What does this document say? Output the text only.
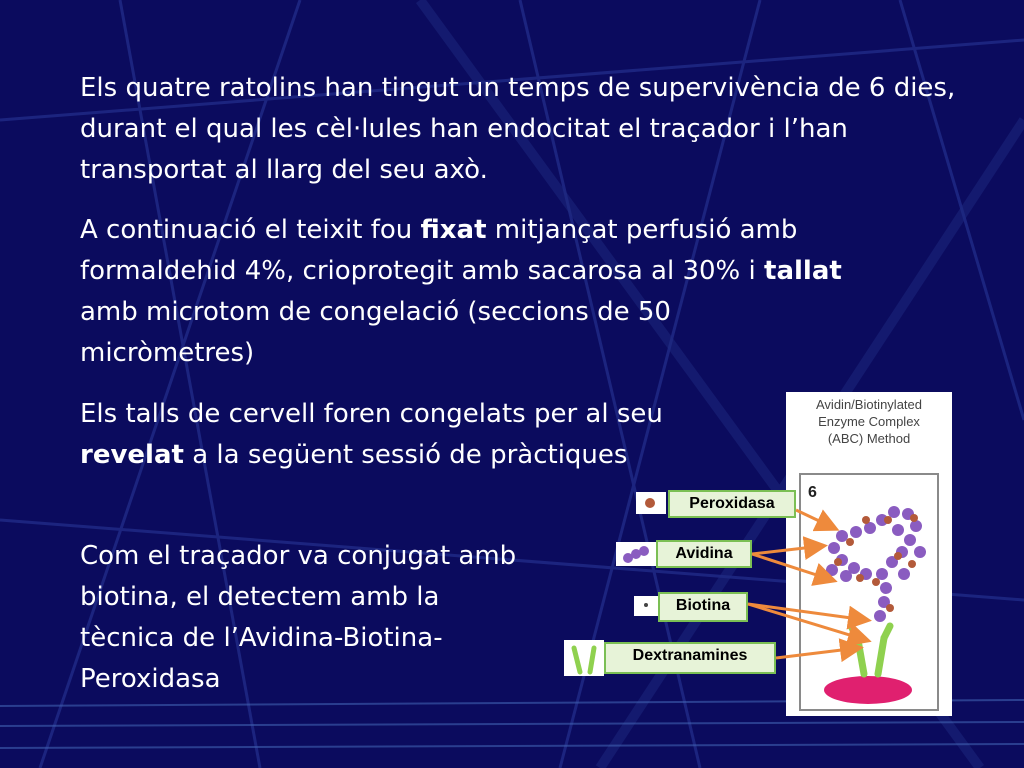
Els quatre ratolins han tingut un temps de supervivència de 6 dies, durant el qual les cèl·lules han endocitat el traçador i l’han transportat al llarg del seu axò.

A continuació el teixit fou fixat mitjançat perfusió amb formaldehid 4%, crioprotegit amb sacarosa al 30% i tallat amb microtom de congelació (seccions de 50 micròmetres)

Els talls de cervell foren congelats per al seu revelat a la següent sessió de pràctiques

Com el traçador va conjugat amb biotina, el detectem amb la tècnica de l’Avidina-Biotina-Peroxidasa

Avidin/Biotinylated
Enzyme Complex
(ABC) Method
6
Peroxidasa
Avidina
Biotina
Dextranamines
